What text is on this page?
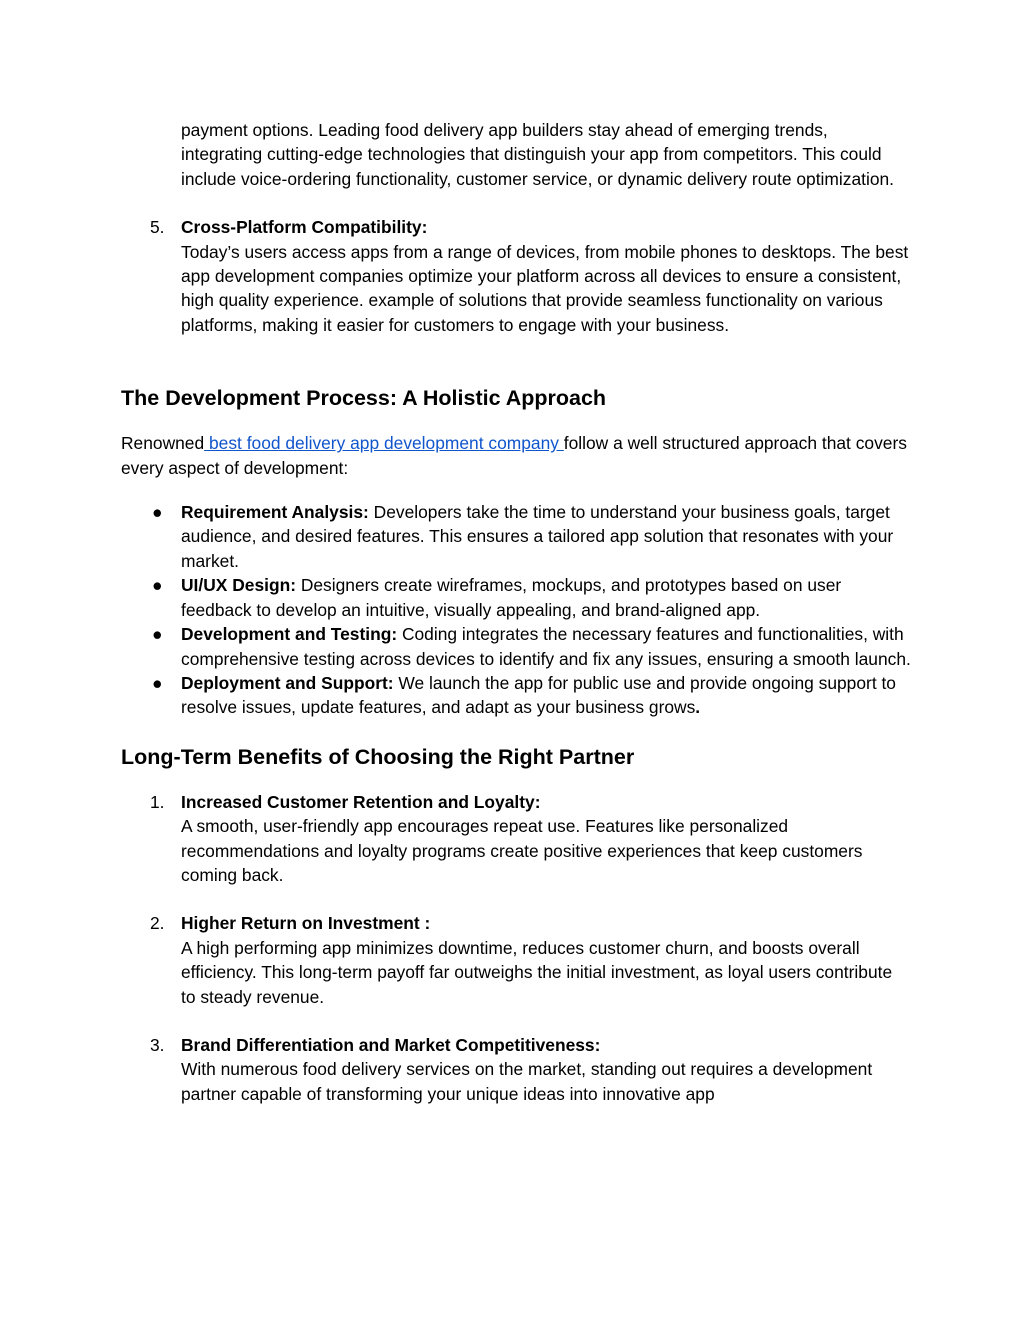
payment options. Leading food delivery app builders stay ahead of emerging trends, integrating cutting-edge technologies that distinguish your app from competitors. This could include voice-ordering functionality, customer service, or dynamic delivery route optimization.

5. Cross-Platform Compatibility:
Today’s users access apps from a range of devices, from mobile phones to desktops. The best app development companies optimize your platform across all devices to ensure a consistent, high quality experience. example of solutions that provide seamless functionality on various platforms, making it easier for customers to engage with your business.
The Development Process: A Holistic Approach

Renowned best food delivery app development company follow a well structured approach that covers every aspect of development:

● Requirement Analysis: Developers take the time to understand your business goals, target audience, and desired features. This ensures a tailored app solution that resonates with your market.
● UI/UX Design: Designers create wireframes, mockups, and prototypes based on user feedback to develop an intuitive, visually appealing, and brand-aligned app.
● Development and Testing: Coding integrates the necessary features and functionalities, with comprehensive testing across devices to identify and fix any issues, ensuring a smooth launch.
● Deployment and Support: We launch the app for public use and provide ongoing support to resolve issues, update features, and adapt as your business grows.
Long-Term Benefits of Choosing the Right Partner
1. Increased Customer Retention and Loyalty:
A smooth, user-friendly app encourages repeat use. Features like personalized recommendations and loyalty programs create positive experiences that keep customers coming back.
2. Higher Return on Investment :
A high performing app minimizes downtime, reduces customer churn, and boosts overall efficiency. This long-term payoff far outweighs the initial investment, as loyal users contribute to steady revenue.
3. Brand Differentiation and Market Competitiveness:
With numerous food delivery services on the market, standing out requires a development partner capable of transforming your unique ideas into innovative app
